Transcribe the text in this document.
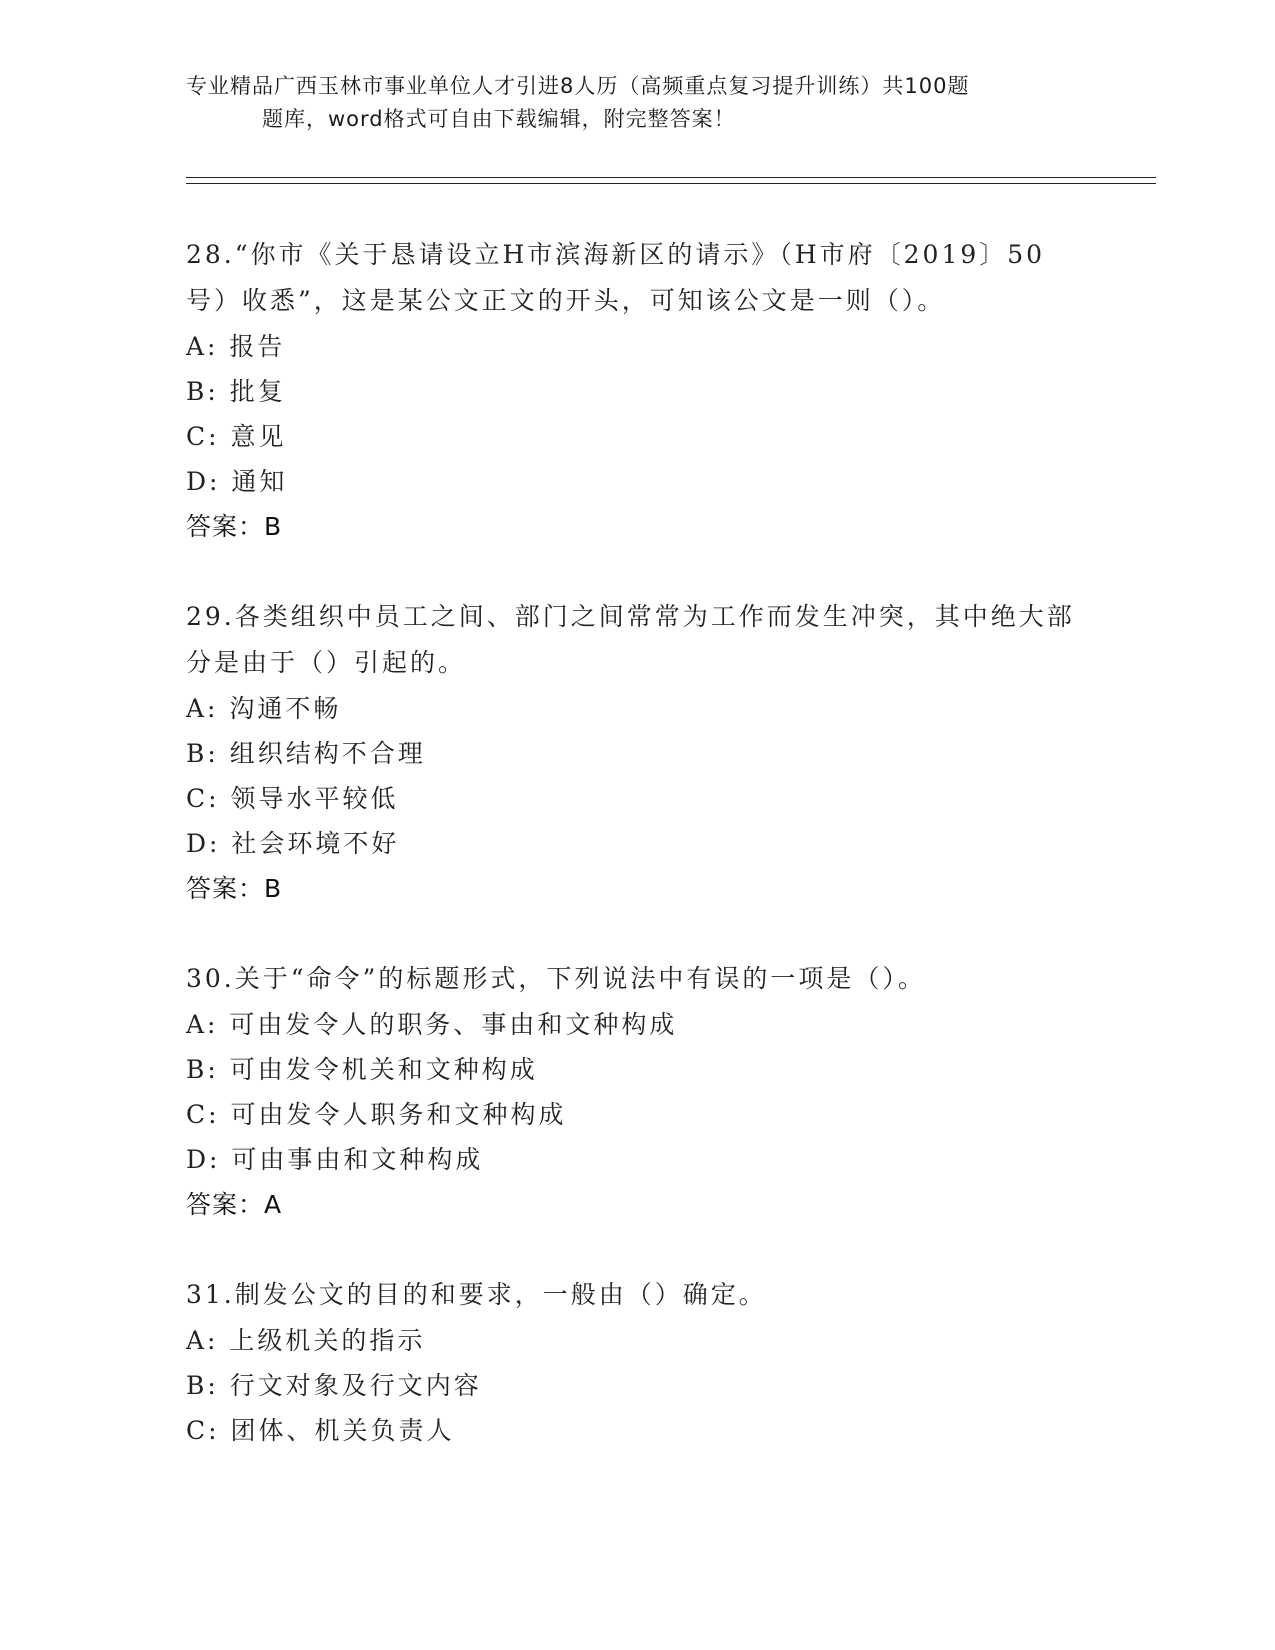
专业精品广西玉林市事业单位人才引进8人历（高频重点复习提升训练）共100题
题库，word格式可自由下载编辑，附完整答案！
28.“你市《关于恳请设立H市滨海新区的请示》（H市府〔2019〕50号）收悉”，这是某公文正文的开头，可知该公文是一则（）。
A: 报告
B: 批复
C: 意见
D: 通知
答案：B
29.各类组织中员工之间、部门之间常常为工作而发生冲突，其中绝大部分是由于（）引起的。
A: 沟通不畅
B: 组织结构不合理
C: 领导水平较低
D: 社会环境不好
答案：B
30.关于“命令”的标题形式，下列说法中有误的一项是（）。
A: 可由发令人的职务、事由和文种构成
B: 可由发令机关和文种构成
C: 可由发令人职务和文种构成
D: 可由事由和文种构成
答案：A
31.制发公文的目的和要求，一般由（）确定。
A: 上级机关的指示
B: 行文对象及行文内容
C: 团体、机关负责人
